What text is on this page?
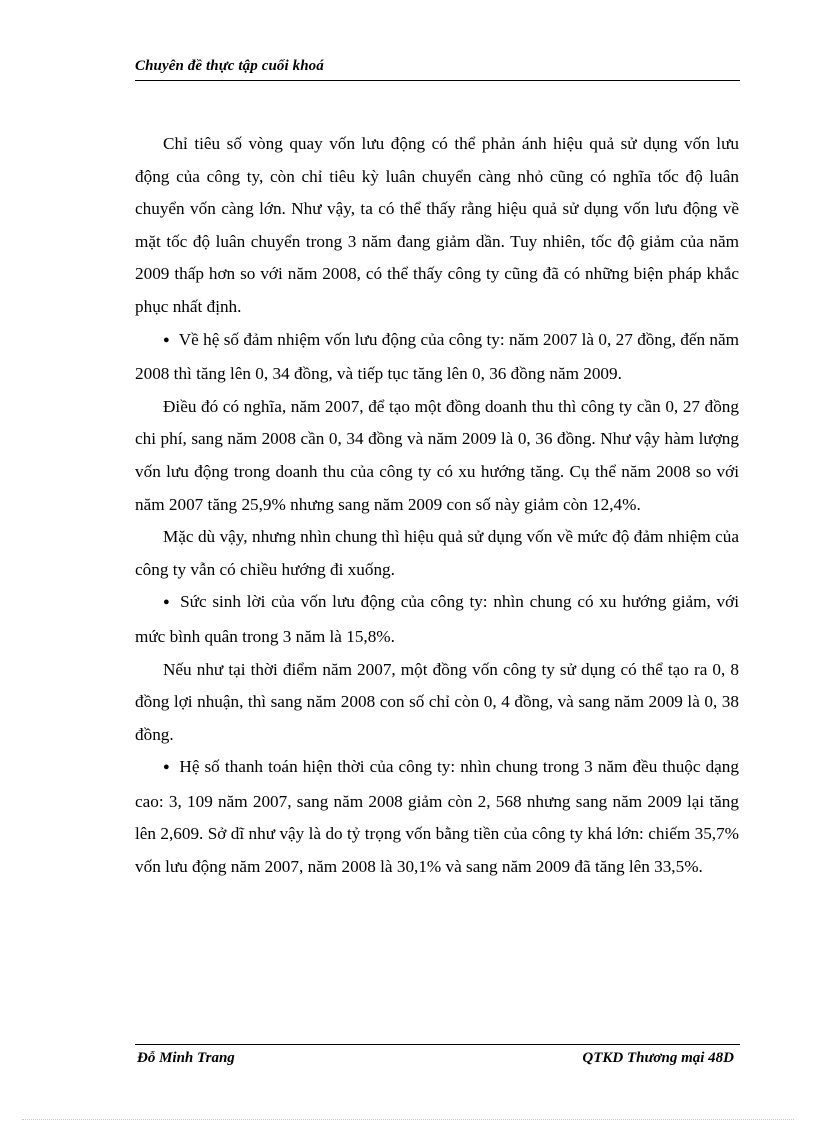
Chuyên đề thực tập cuối khoá

Chỉ tiêu số vòng quay vốn lưu động có thể phản ánh hiệu quả sử dụng vốn lưu động của công ty, còn chỉ tiêu kỳ luân chuyển càng nhỏ cũng có nghĩa tốc độ luân chuyển vốn càng lớn. Như vậy, ta có thể thấy rằng hiệu quả sử dụng vốn lưu động về mặt tốc độ luân chuyển trong 3 năm đang giảm dần. Tuy nhiên, tốc độ giảm của năm 2009 thấp hơn so với năm 2008, có thể thấy công ty cũng đã có những biện pháp khắc phục nhất định.

● Về hệ số đảm nhiệm vốn lưu động của công ty: năm 2007 là 0, 27 đồng, đến năm 2008 thì tăng lên 0, 34 đồng, và tiếp tục tăng lên 0, 36 đồng năm 2009.

Điều đó có nghĩa, năm 2007, để tạo một đồng doanh thu thì công ty cần 0, 27 đồng chi phí, sang năm 2008 cần 0, 34 đồng và năm 2009 là 0, 36 đồng. Như vậy hàm lượng vốn lưu động trong doanh thu của công ty có xu hướng tăng. Cụ thể năm 2008 so với năm 2007 tăng 25,9% nhưng sang năm 2009 con số này giảm còn 12,4%.

Mặc dù vậy, nhưng nhìn chung thì hiệu quả sử dụng vốn về mức độ đảm nhiệm của công ty vẫn có chiều hướng đi xuống.

● Sức sinh lời của vốn lưu động của công ty: nhìn chung có xu hướng giảm, với mức bình quân trong 3 năm là 15,8%.

Nếu như tại thời điểm năm 2007, một đồng vốn công ty sử dụng có thể tạo ra 0, 8 đồng lợi nhuận, thì sang năm 2008 con số chỉ còn 0, 4 đồng, và sang năm 2009 là 0, 38 đồng.

● Hệ số thanh toán hiện thời của công ty: nhìn chung trong 3 năm đều thuộc dạng cao: 3, 109 năm 2007, sang năm 2008 giảm còn 2, 568 nhưng sang năm 2009 lại tăng lên 2,609. Sở dĩ như vậy là do tỷ trọng vốn bằng tiền của công ty khá lớn: chiếm 35,7% vốn lưu động năm 2007, năm 2008 là 30,1% và sang năm 2009 đã tăng lên 33,5%.

Đỗ Minh Trang	QTKD Thương mại 48D
